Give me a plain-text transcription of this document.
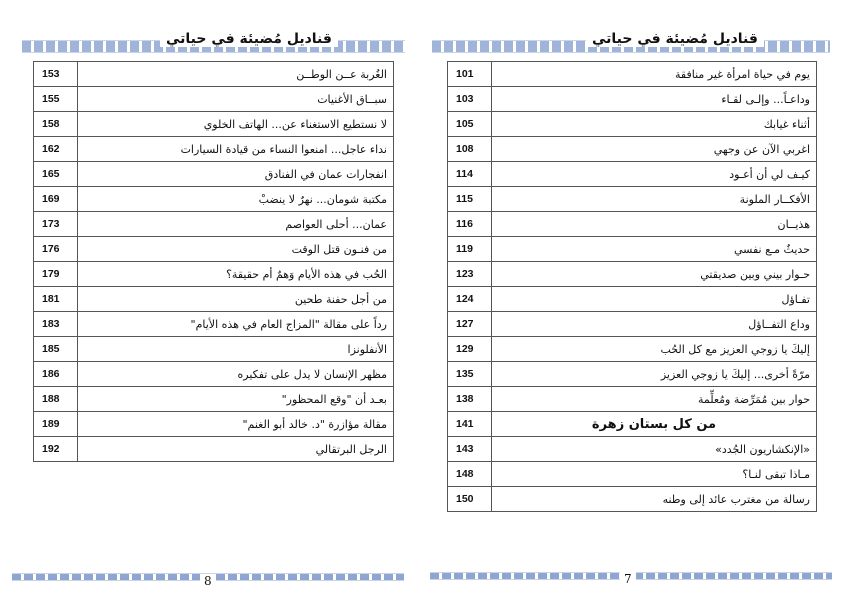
قناديل مُضيئة في حياتي
153	الغُربة عــن الوطــن
155	سبــاق الأغنيات
158	لا نستطيع الاستغناء عن... الهاتف الخلوي
162	نداء عاجل... امنعوا النساء من قيادة السيارات
165	انفجارات عمان في الفنادق
169	مكتبة شومان... نهرٌ لا ينضبْ
173	عمان... أحلى العواصم
176	من فنـون قتل الوقت
179	الحُب في هذه الأيام وَهمٌ أم حقيقة؟
181	من أجل حفنة طحين
183	رداً على مقالة "المزاج العام في هذه الأيام"
185	الأنفلونزا
186	مظهر الإنسان لا يدل على تفكيره
188	بعـد أن "وقع المحظور"
189	مقالة مؤازرة "د. خالد أبو الغنم"
192	الرجل البرتقالي
8
قناديل مُضيئة في حياتي
101	يوم في حياة امرأة غير منافقة
103	وداعـاً... وإلـى لقـاء
105	أثناء غيابك
108	اغربي الآن عن وجهي
114	كيـف لي أن أعـود
115	الأفكــار الملونة
116	هذيــان
119	حديثٌ مـع نفسي
123	حـوار بيني وبين صديقتي
124	تفـاؤل
127	وداع التفــاؤل
129	إليكَ يا زوجي العزيز مع كل الحُب
135	مرّةً أخرى... إليكَ يا زوجي العزيز
138	حوار بين مُمَرِّضة ومُعلِّمة
141	من كل بستان زهرة
143	«الإنكشاريون الجُدد»
148	مـاذا تبقى لنـا؟
150	رسالة من مغترب عائد إلى وطنه
7
